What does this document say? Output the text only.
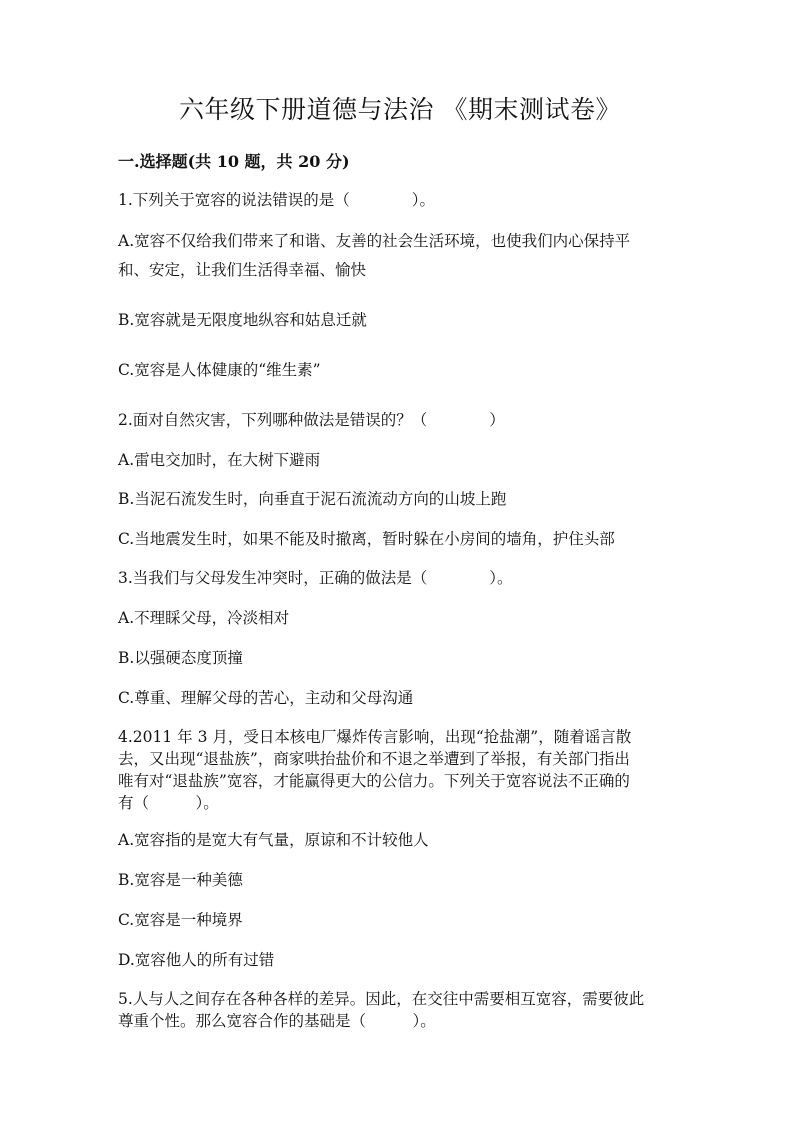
六年级下册道德与法治 《期末测试卷》
一.选择题(共 10 题，共 20 分)
1.下列关于宽容的说法错误的是（　　　　）。
A.宽容不仅给我们带来了和谐、友善的社会生活环境，也使我们内心保持平
和、安定，让我们生活得幸福、愉快
B.宽容就是无限度地纵容和姑息迁就
C.宽容是人体健康的“维生素”
2.面对自然灾害，下列哪种做法是错误的？（　　　　）
A.雷电交加时，在大树下避雨
B.当泥石流发生时，向垂直于泥石流流动方向的山坡上跑
C.当地震发生时，如果不能及时撤离，暂时躲在小房间的墙角，护住头部
3.当我们与父母发生冲突时，正确的做法是（　　　　）。
A.不理睬父母，冷淡相对
B.以强硬态度顶撞
C.尊重、理解父母的苦心，主动和父母沟通
4.2011 年 3 月，受日本核电厂爆炸传言影响，出现“抢盐潮”，随着谣言散
去，又出现“退盐族”，商家哄抬盐价和不退之举遭到了举报，有关部门指出
唯有对“退盐族”宽容，才能赢得更大的公信力。下列关于宽容说法不正确的
有（　　　）。
A.宽容指的是宽大有气量，原谅和不计较他人
B.宽容是一种美德
C.宽容是一种境界
D.宽容他人的所有过错
5.人与人之间存在各种各样的差异。因此，在交往中需要相互宽容，需要彼此
尊重个性。那么宽容合作的基础是（　　　）。
